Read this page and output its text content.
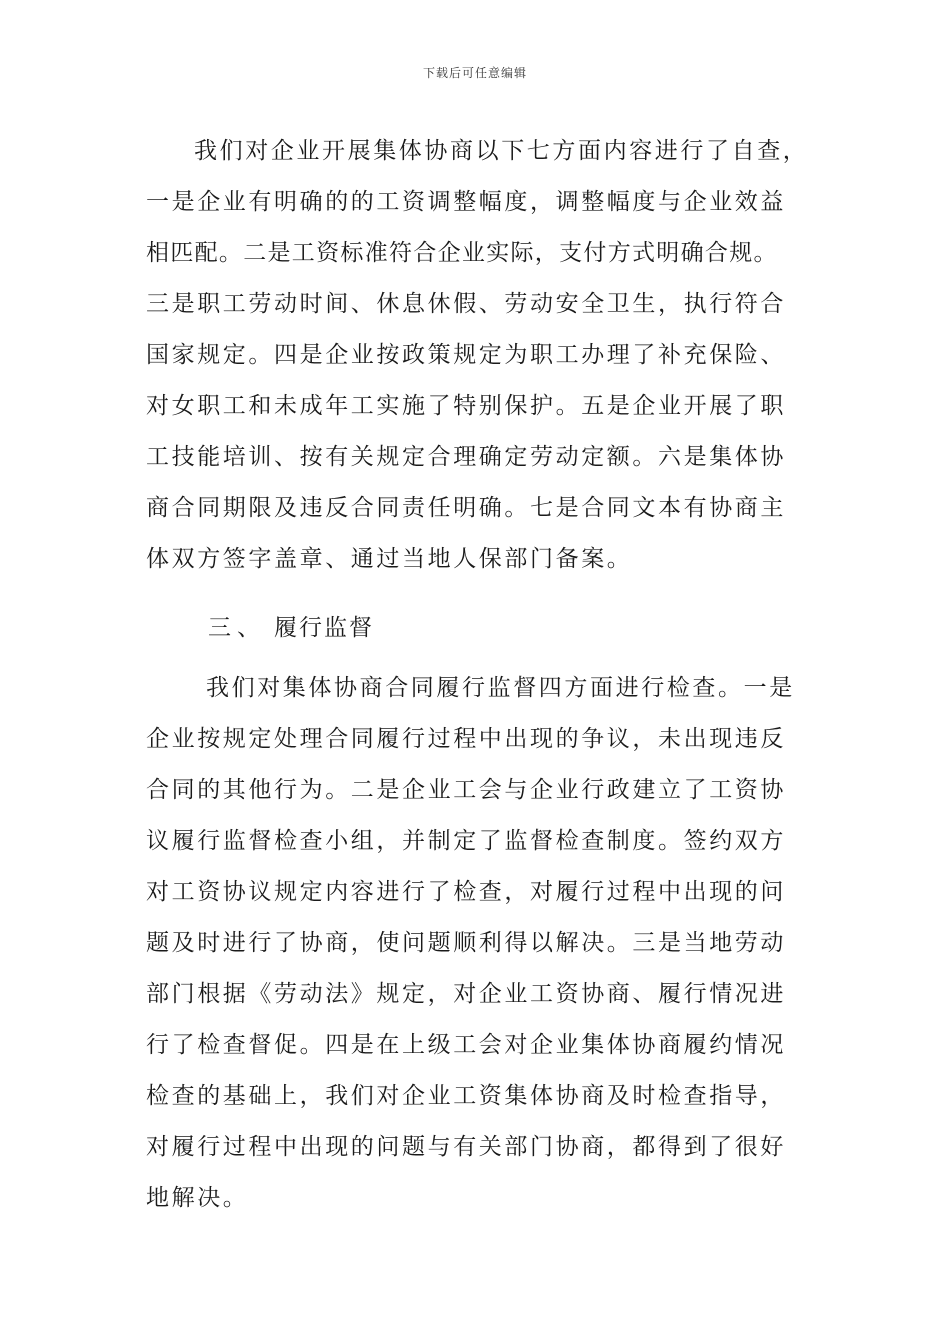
下载后可任意编辑
我们对企业开展集体协商以下七方面内容进行了自查，
一是企业有明确的的工资调整幅度，调整幅度与企业效益
相匹配。二是工资标准符合企业实际，支付方式明确合规。
三是职工劳动时间、休息休假、劳动安全卫生，执行符合
国家规定。四是企业按政策规定为职工办理了补充保险、
对女职工和未成年工实施了特别保护。五是企业开展了职
工技能培训、按有关规定合理确定劳动定额。六是集体协
商合同期限及违反合同责任明确。七是合同文本有协商主
体双方签字盖章、通过当地人保部门备案。
三、 履行监督
我们对集体协商合同履行监督四方面进行检查。一是
企业按规定处理合同履行过程中出现的争议，未出现违反
合同的其他行为。二是企业工会与企业行政建立了工资协
议履行监督检查小组，并制定了监督检查制度。签约双方
对工资协议规定内容进行了检查，对履行过程中出现的问
题及时进行了协商，使问题顺利得以解决。三是当地劳动
部门根据《劳动法》规定，对企业工资协商、履行情况进
行了检查督促。四是在上级工会对企业集体协商履约情况
检查的基础上，我们对企业工资集体协商及时检查指导，
对履行过程中出现的问题与有关部门协商，都得到了很好
地解决。
